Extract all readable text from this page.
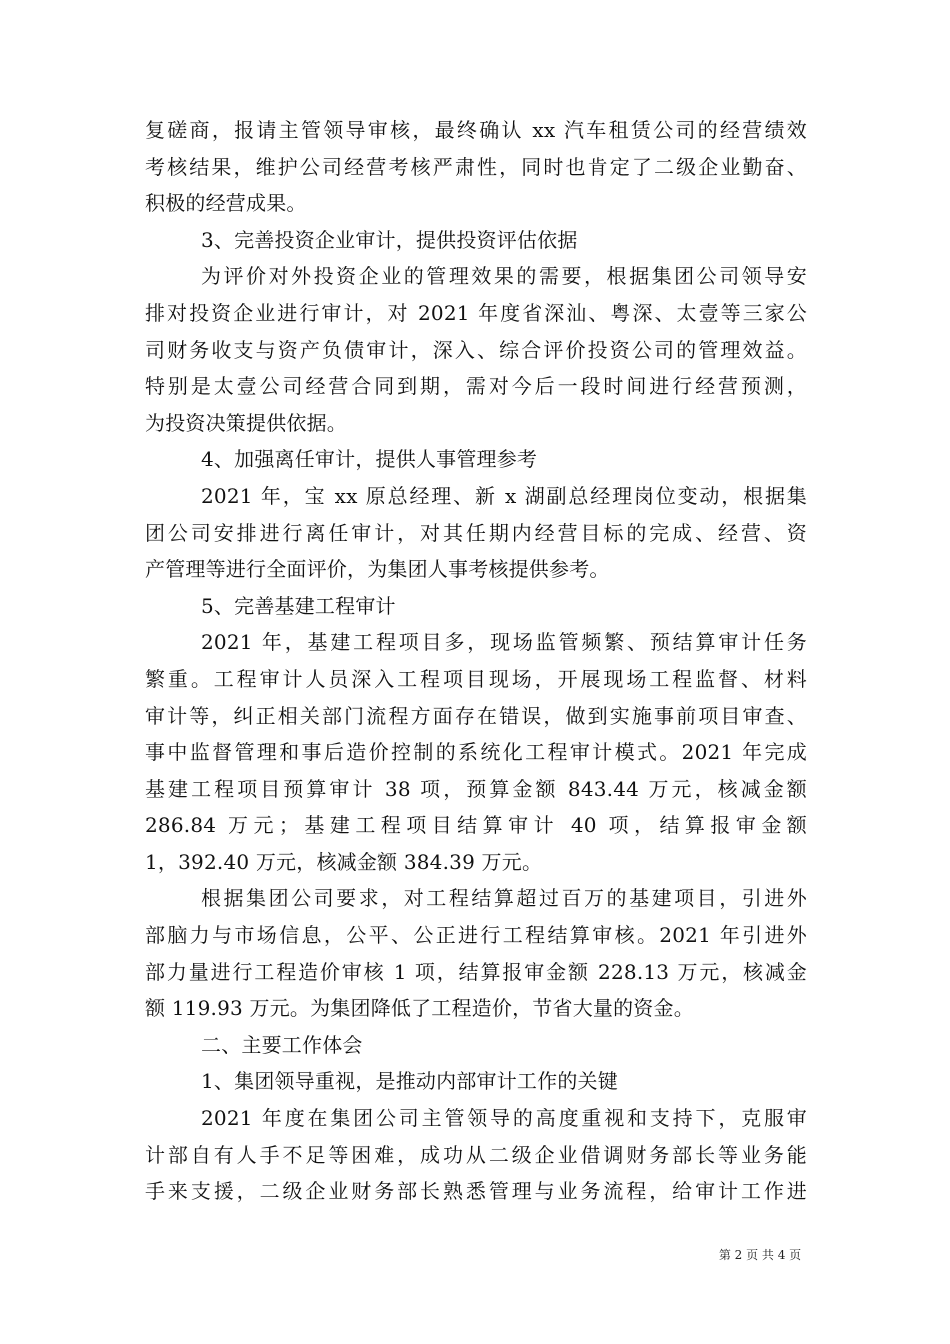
复磋商，报请主管领导审核，最终确认 xx 汽车租赁公司的经营绩效
考核结果，维护公司经营考核严肃性，同时也肯定了二级企业勤奋、
积极的经营成果。
3、完善投资企业审计，提供投资评估依据
为评价对外投资企业的管理效果的需要，根据集团公司领导安
排对投资企业进行审计，对 2021 年度省深汕、粤深、太壹等三家公
司财务收支与资产负债审计，深入、综合评价投资公司的管理效益。
特别是太壹公司经营合同到期，需对今后一段时间进行经营预测，
为投资决策提供依据。
4、加强离任审计，提供人事管理参考
2021 年，宝 xx 原总经理、新 x 湖副总经理岗位变动，根据集
团公司安排进行离任审计，对其任期内经营目标的完成、经营、资
产管理等进行全面评价，为集团人事考核提供参考。
5、完善基建工程审计
2021 年，基建工程项目多，现场监管频繁、预结算审计任务
繁重。工程审计人员深入工程项目现场，开展现场工程监督、材料
审计等，纠正相关部门流程方面存在错误，做到实施事前项目审查、
事中监督管理和事后造价控制的系统化工程审计模式。2021 年完成
基建工程项目预算审计 38 项，预算金额 843.44 万元，核减金额
286.84 万元；基建工程项目结算审计 40 项，结算报审金额
1，392.40 万元，核减金额 384.39 万元。
根据集团公司要求，对工程结算超过百万的基建项目，引进外
部脑力与市场信息，公平、公正进行工程结算审核。2021 年引进外
部力量进行工程造价审核 1 项，结算报审金额 228.13 万元，核减金
额 119.93 万元。为集团降低了工程造价，节省大量的资金。
二、主要工作体会
1、集团领导重视，是推动内部审计工作的关键
2021 年度在集团公司主管领导的高度重视和支持下，克服审
计部自有人手不足等困难，成功从二级企业借调财务部长等业务能
手来支援，二级企业财务部长熟悉管理与业务流程，给审计工作进
第 2 页 共 4 页
